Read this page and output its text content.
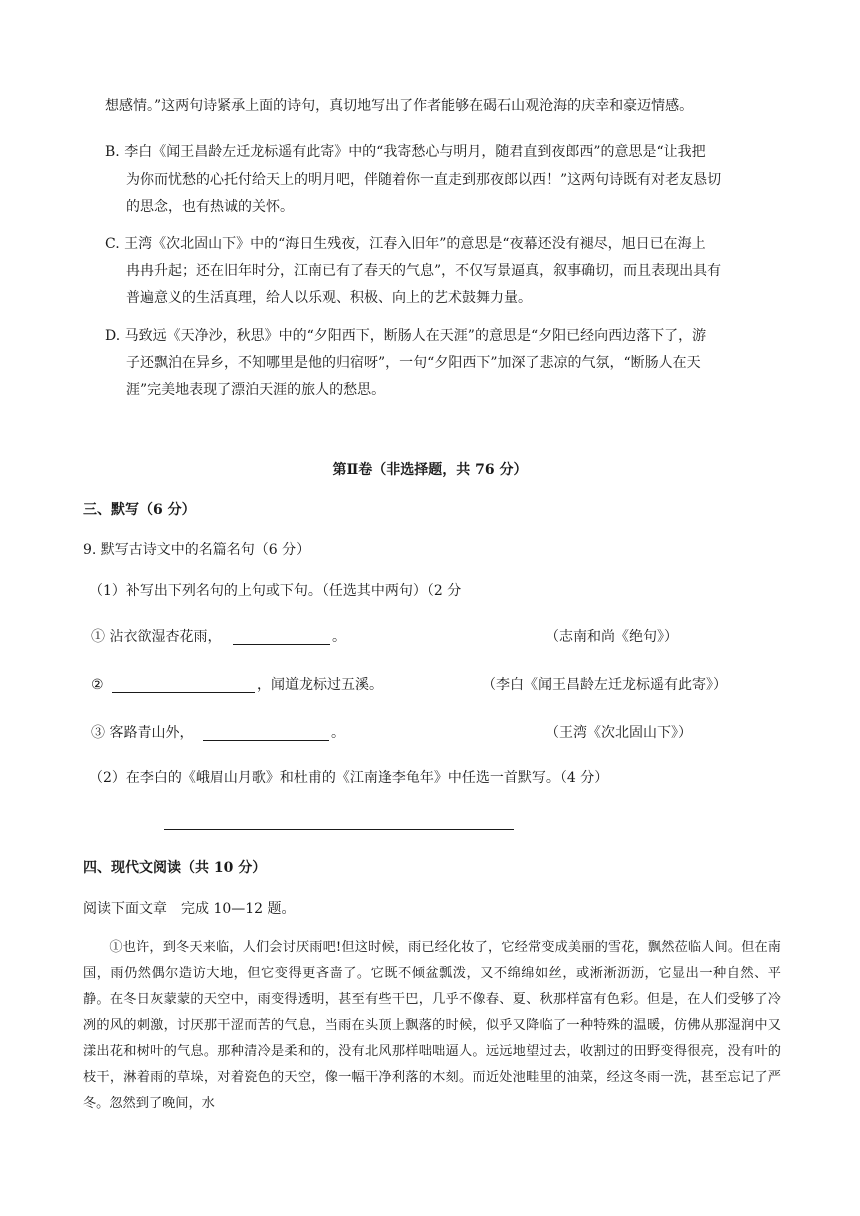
想感情。”这两句诗紧承上面的诗句，真切地写出了作者能够在碣石山观沧海的庆幸和豪迈情感。
B. 李白《闻王昌龄左迁龙标遥有此寄》中的“我寄愁心与明月，随君直到夜郎西”的意思是“让我把
为你而忧愁的心托付给天上的明月吧，伴随着你一直走到那夜郎以西！”这两句诗既有对老友恳切
的思念，也有热诚的关怀。
C. 王湾《次北固山下》中的“海日生残夜，江春入旧年”的意思是“夜幕还没有褪尽，旭日已在海上
冉冉升起；还在旧年时分，江南已有了春天的气息”，不仅写景逼真，叙事确切，而且表现出具有
普遍意义的生活真理，给人以乐观、积极、向上的艺术鼓舞力量。
D. 马致远《天净沙，秋思》中的“夕阳西下，断肠人在天涯”的意思是“夕阳已经向西边落下了，游
子还飘泊在异乡，不知哪里是他的归宿呀”，一句“夕阳西下”加深了悲凉的气氛，“断肠人在天
涯”完美地表现了漂泊天涯的旅人的愁思。
第Ⅱ卷（非选择题，共 76 分）
三、默写（6 分）
9. 默写古诗文中的名篇名句（6 分）
（1）补写出下列名句的上句或下句。（任选其中两句）（2 分
① 沾衣欲湿杏花雨，	。	（志南和尚《绝句》）
②	，闻道龙标过五溪。	（李白《闻王昌龄左迁龙标遥有此寄》）
③ 客路青山外，	。	（王湾《次北固山下》）
（2）在李白的《峨眉山月歌》和杜甫的《江南逢李龟年》中任选一首默写。（4 分）
四、现代文阅读（共 10 分）
阅读下面文章　完成 10—12 题。
①也许，到冬天来临，人们会讨厌雨吧!但这时候，雨已经化妆了，它经常变成美丽的雪花，飘然莅临人间。但在南国，雨仍然偶尔造访大地，但它变得更吝啬了。它既不倾盆瓢泼，又不绵绵如丝，或淅淅沥沥，它显出一种自然、平静。在冬日灰蒙蒙的天空中，雨变得透明，甚至有些干巴，几乎不像春、夏、秋那样富有色彩。但是，在人们受够了冷冽的风的刺激，讨厌那干涩而苦的气息，当雨在头顶上飘落的时候，似乎又降临了一种特殊的温暖，仿佛从那湿润中又漾出花和树叶的气息。那种清冷是柔和的，没有北风那样咄咄逼人。远远地望过去，收割过的田野变得很亮，没有叶的枝干，淋着雨的草垛，对着瓷色的天空，像一幅干净利落的木刻。而近处池畦里的油菜，经这冬雨一洗，甚至忘记了严冬。忽然到了晚间，水
